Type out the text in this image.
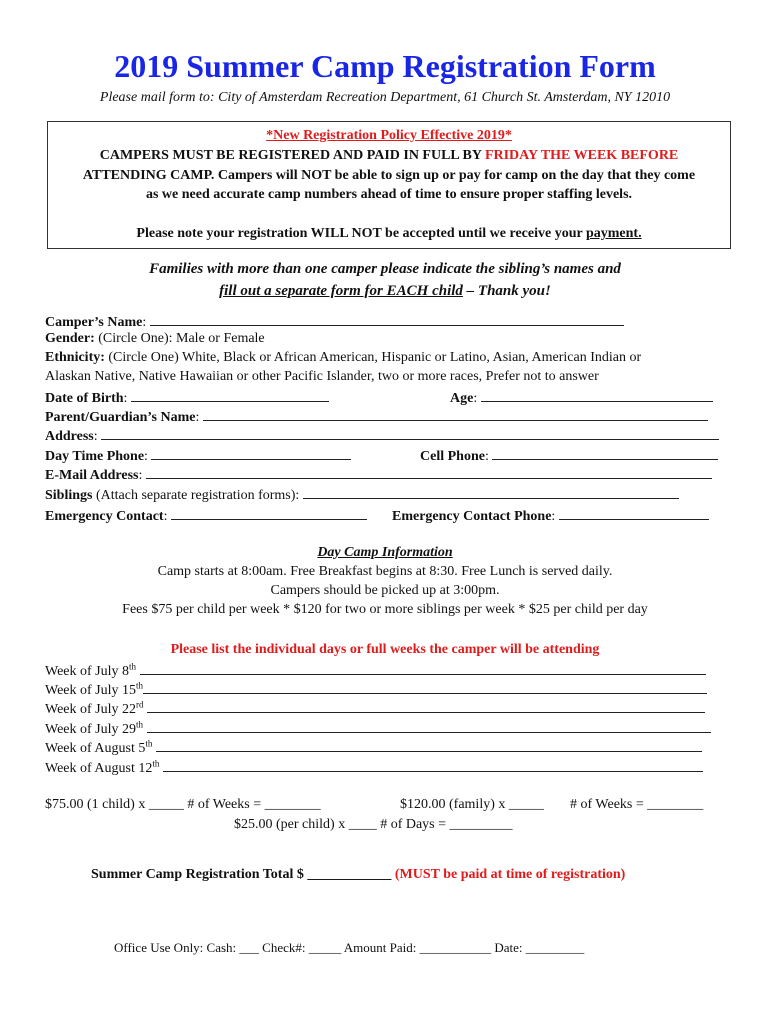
2019 Summer Camp Registration Form
Please mail form to: City of Amsterdam Recreation Department, 61 Church St. Amsterdam, NY 12010
*New Registration Policy Effective 2019*
CAMPERS MUST BE REGISTERED AND PAID IN FULL BY FRIDAY THE WEEK BEFORE
ATTENDING CAMP. Campers will NOT be able to sign up or pay for camp on the day that they come
as we need accurate camp numbers ahead of time to ensure proper staffing levels.
Please note your registration WILL NOT be accepted until we receive your payment.
Families with more than one camper please indicate the sibling’s names and
fill out a separate form for EACH child – Thank you!
Camper’s Name:
Gender: (Circle One): Male or Female
Ethnicity: (Circle One) White, Black or African American, Hispanic or Latino, Asian, American Indian or
Alaskan Native, Native Hawaiian or other Pacific Islander, two or more races, Prefer not to answer
Date of Birth:	Age:
Parent/Guardian’s Name:
Address:
Day Time Phone:	Cell Phone:
E-Mail Address:
Siblings (Attach separate registration forms):
Emergency Contact:	Emergency Contact Phone:
Day Camp Information
Camp starts at 8:00am. Free Breakfast begins at 8:30. Free Lunch is served daily.
Campers should be picked up at 3:00pm.
Fees $75 per child per week * $120 for two or more siblings per week * $25 per child per day
Please list the individual days or full weeks the camper will be attending
Week of July 8th
Week of July 15th
Week of July 22rd
Week of July 29th
Week of August 5th
Week of August 12th
$75.00 (1 child) x _____ # of Weeks = ________	$120.00 (family) x _____ # of Weeks = ________
$25.00 (per child) x ____ # of Days = _________
Summer Camp Registration Total $ ____________ (MUST be paid at time of registration)
Office Use Only: Cash: ___ Check#: _____ Amount Paid: ___________ Date: _________
